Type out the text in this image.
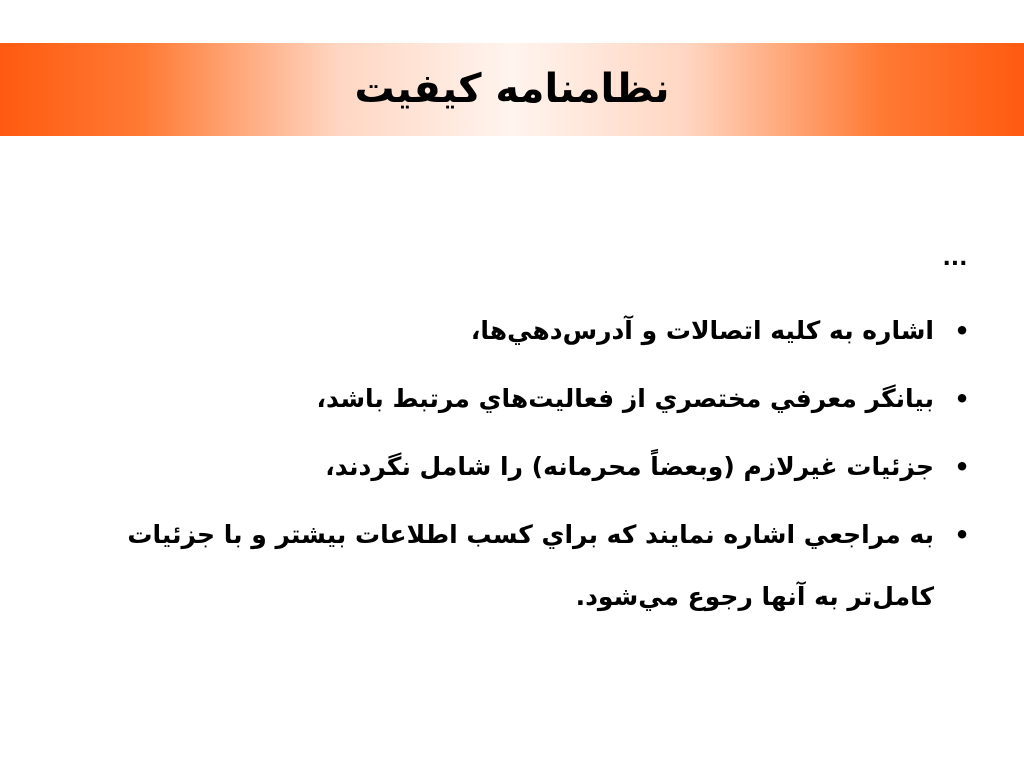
نظامنامه کيفيت
...
•
اشاره به کليه اتصالات و آدرس‌دهي‌ها،
•
بيانگر معرفي مختصري از فعاليت‌هاي مرتبط باشد،
•
جزئيات غيرلازم (وبعضاً محرمانه) را شامل نگردند،
•
به مراجعي اشاره نمايند که براي کسب اطلاعات بيشتر و با جزئيات کامل‌تر به آنها رجوع مي‌شود.
